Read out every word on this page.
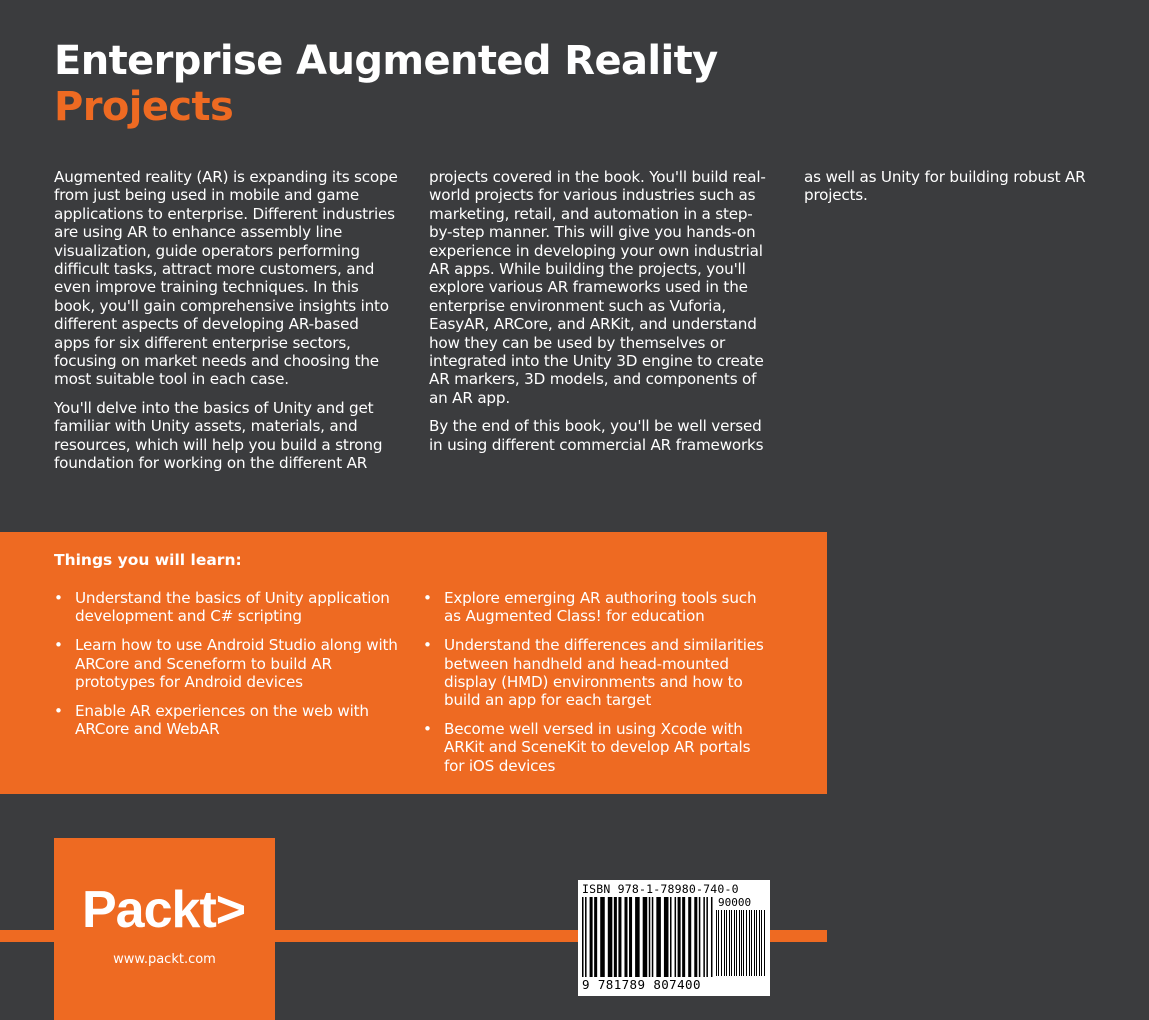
Enterprise Augmented Reality
Projects

Augmented reality (AR) is expanding its scope from just being used in mobile and game applications to enterprise. Different industries are using AR to enhance assembly line visualization, guide operators performing difficult tasks, attract more customers, and even improve training techniques. In this book, you'll gain comprehensive insights into different aspects of developing AR-based apps for six different enterprise sectors, focusing on market needs and choosing the most suitable tool in each case.

You'll delve into the basics of Unity and get familiar with Unity assets, materials, and resources, which will help you build a strong foundation for working on the different AR projects covered in the book. You'll build real-world projects for various industries such as marketing, retail, and automation in a step-by-step manner. This will give you hands-on experience in developing your own industrial AR apps. While building the projects, you'll explore various AR frameworks used in the enterprise environment such as Vuforia, EasyAR, ARCore, and ARKit, and understand how they can be used by themselves or integrated into the Unity 3D engine to create AR markers, 3D models, and components of an AR app.

By the end of this book, you'll be well versed in using different commercial AR frameworks as well as Unity for building robust AR projects.

Things you will learn:
• Understand the basics of Unity application development and C# scripting
• Learn how to use Android Studio along with ARCore and Sceneform to build AR prototypes for Android devices
• Enable AR experiences on the web with ARCore and WebAR
• Explore emerging AR authoring tools such as Augmented Class! for education
• Understand the differences and similarities between handheld and head-mounted display (HMD) environments and how to build an app for each target
• Become well versed in using Xcode with ARKit and SceneKit to develop AR portals for iOS devices
Packt>
www.packt.com
ISBN 978-1-78980-740-0
90000
9 781789 807400
